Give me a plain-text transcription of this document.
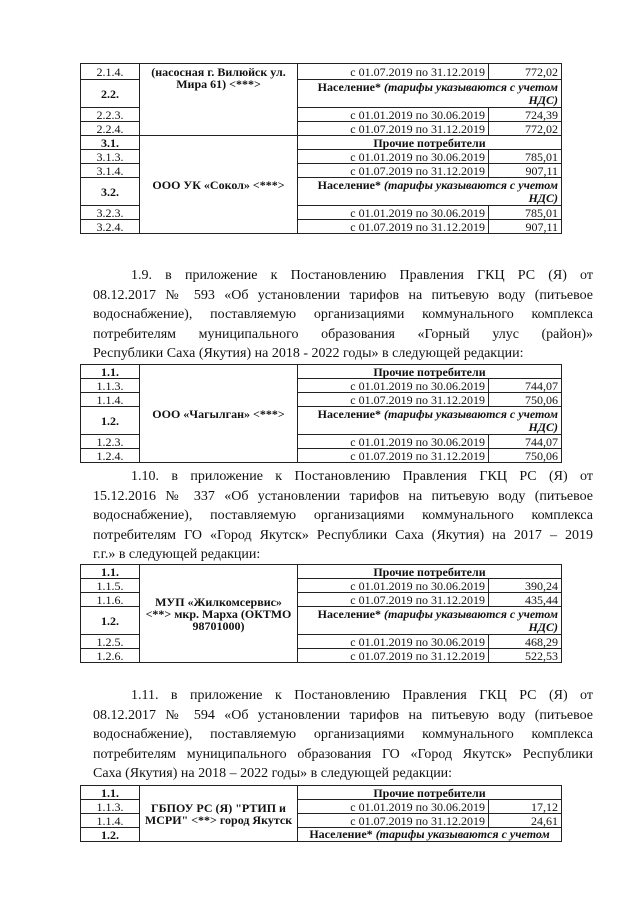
2.1.4.	(насосная г. Вилюйск ул. Мира 61) <***>	с 01.07.2019 по 31.12.2019	772,02
2.2.		Население* (тарифы указываются с учетом НДС)	
2.2.3.		с 01.01.2019 по 30.06.2019	724,39
2.2.4.		с 01.07.2019 по 31.12.2019	772,02
3.1.	ООО УК «Сокол» <***>	Прочие потребители	
3.1.3.		с 01.01.2019 по 30.06.2019	785,01
3.1.4.		с 01.07.2019 по 31.12.2019	907,11
3.2.		Население* (тарифы указываются с учетом НДС)	
3.2.3.		с 01.01.2019 по 30.06.2019	785,01
3.2.4.		с 01.07.2019 по 31.12.2019	907,11
1.9. в приложение к Постановлению Правления ГКЦ РС (Я) от
08.12.2017 № 593 «Об установлении тарифов на питьевую воду (питьевое
водоснабжение), поставляемую организациями коммунального комплекса
потребителям муниципального образования «Горный улус (район)»
Республики Саха (Якутия) на 2018 - 2022 годы» в следующей редакции:
1.1.	ООО «Чагылган» <***>	Прочие потребители	
1.1.3.		с 01.01.2019 по 30.06.2019	744,07
1.1.4.		с 01.07.2019 по 31.12.2019	750,06
1.2.		Население* (тарифы указываются с учетом НДС)	
1.2.3.		с 01.01.2019 по 30.06.2019	744,07
1.2.4.		с 01.07.2019 по 31.12.2019	750,06
1.10. в приложение к Постановлению Правления ГКЦ РС (Я) от
15.12.2016 № 337 «Об установлении тарифов на питьевую воду (питьевое
водоснабжение), поставляемую организациями коммунального комплекса
потребителям ГО «Город Якутск» Республики Саха (Якутия) на 2017 – 2019
г.г.» в следующей редакции:
1.1.	МУП «Жилкомсервис» <**> мкр. Марха (ОКТМО 98701000)	Прочие потребители	
1.1.5.		с 01.01.2019 по 30.06.2019	390,24
1.1.6.		с 01.07.2019 по 31.12.2019	435,44
1.2.		Население* (тарифы указываются с учетом НДС)	
1.2.5.		с 01.01.2019 по 30.06.2019	468,29
1.2.6.		с 01.07.2019 по 31.12.2019	522,53
1.11. в приложение к Постановлению Правления ГКЦ РС (Я) от
08.12.2017 № 594 «Об установлении тарифов на питьевую воду (питьевое
водоснабжение), поставляемую организациями коммунального комплекса
потребителям муниципального образования ГО «Город Якутск» Республики
Саха (Якутия) на 2018 – 2022 годы» в следующей редакции:
1.1.	ГБПОУ РС (Я) "РТИП и МСРИ" <**> город Якутск	Прочие потребители	
1.1.3.		с 01.01.2019 по 30.06.2019	17,12
1.1.4.		с 01.07.2019 по 31.12.2019	24,61
1.2.		Население* (тарифы указываются с учетом	
